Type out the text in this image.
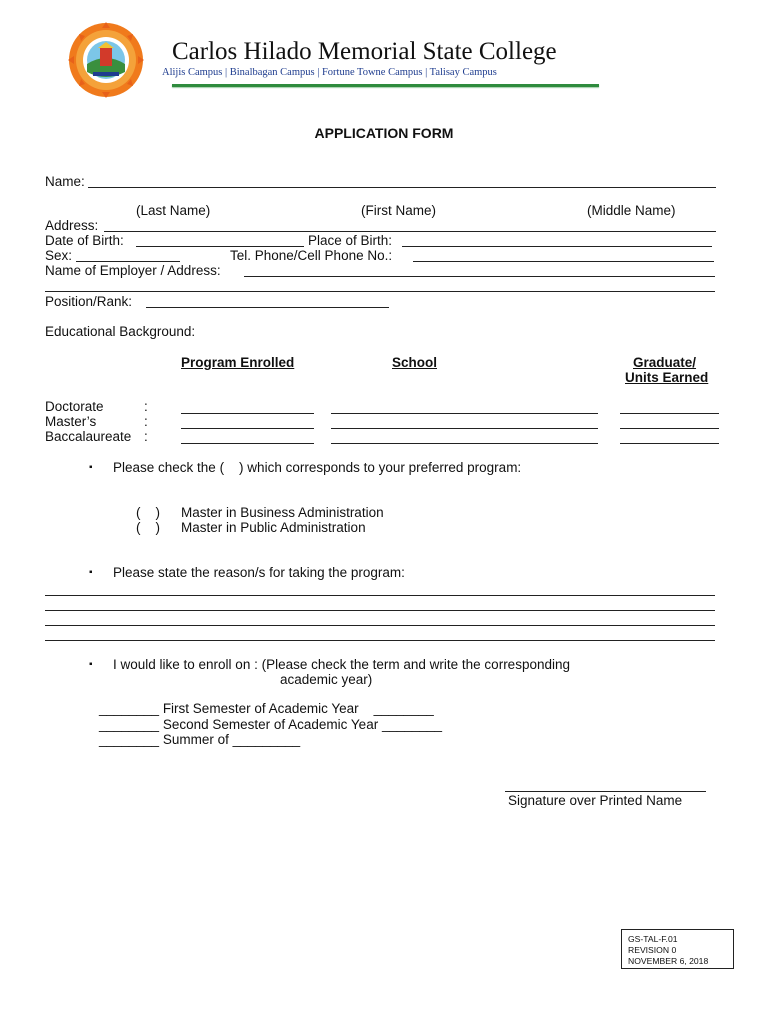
Carlos Hilado Memorial State College
Alijis Campus | Binalbagan Campus | Fortune Towne Campus | Talisay Campus
APPLICATION FORM
Name:
(Last Name)	(First Name)	(Middle Name)
Address:
Date of Birth:	Place of Birth:
Sex:	Tel. Phone/Cell Phone No.:
Name of Employer / Address:
Position/Rank:
Educational Background:
Program Enrolled	School	Graduate/
Units Earned
Doctorate	:
Master’s	:
Baccalaureate :
▪ Please check the (    ) which corresponds to your preferred program:
(    ) Master in Business Administration
(    ) Master in Public Administration
▪ Please state the reason/s for taking the program:
▪ I would like to enroll on : (Please check the term and write the corresponding
academic year)
________ First Semester of Academic Year    ________
________ Second Semester of Academic Year ________
________ Summer of _________
Signature over Printed Name
GS-TAL-F.01
REVISION 0
NOVEMBER 6, 2018
